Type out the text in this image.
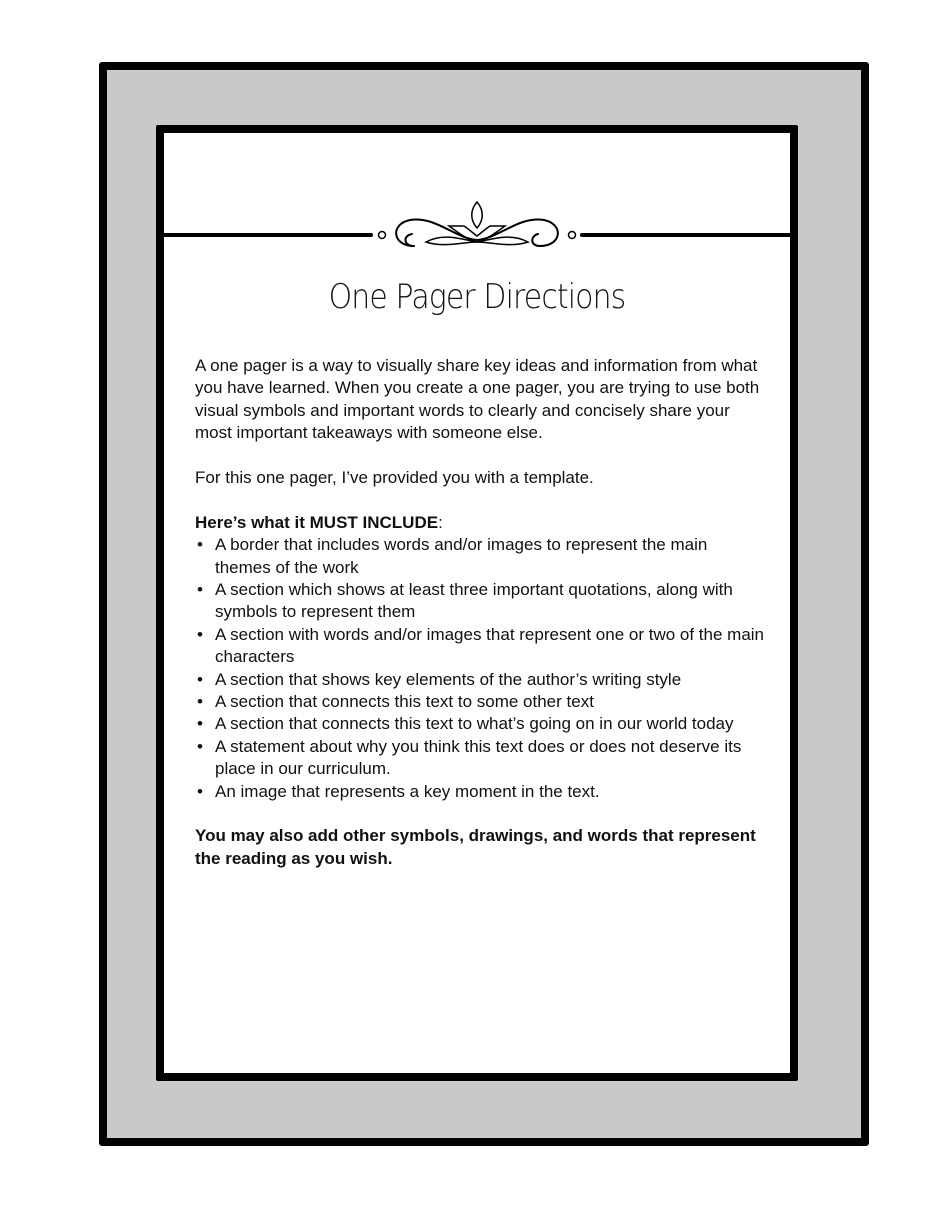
One Pager Directions

A one pager is a way to visually share key ideas and information from what you have learned. When you create a one pager, you are trying to use both visual symbols and important words to clearly and concisely share your most important takeaways with someone else.

For this one pager, I’ve provided you with a template.

Here’s what it MUST INCLUDE:
• A border that includes words and/or images to represent the main themes of the work
• A section which shows at least three important quotations, along with symbols to represent them
• A section with words and/or images that represent one or two of the main characters
• A section that shows key elements of the author’s writing style
• A section that connects this text to some other text
• A section that connects this text to what’s going on in our world today
• A statement about why you think this text does or does not deserve its place in our curriculum.
• An image that represents a key moment in the text.

You may also add other symbols, drawings, and words that represent the reading as you wish.
